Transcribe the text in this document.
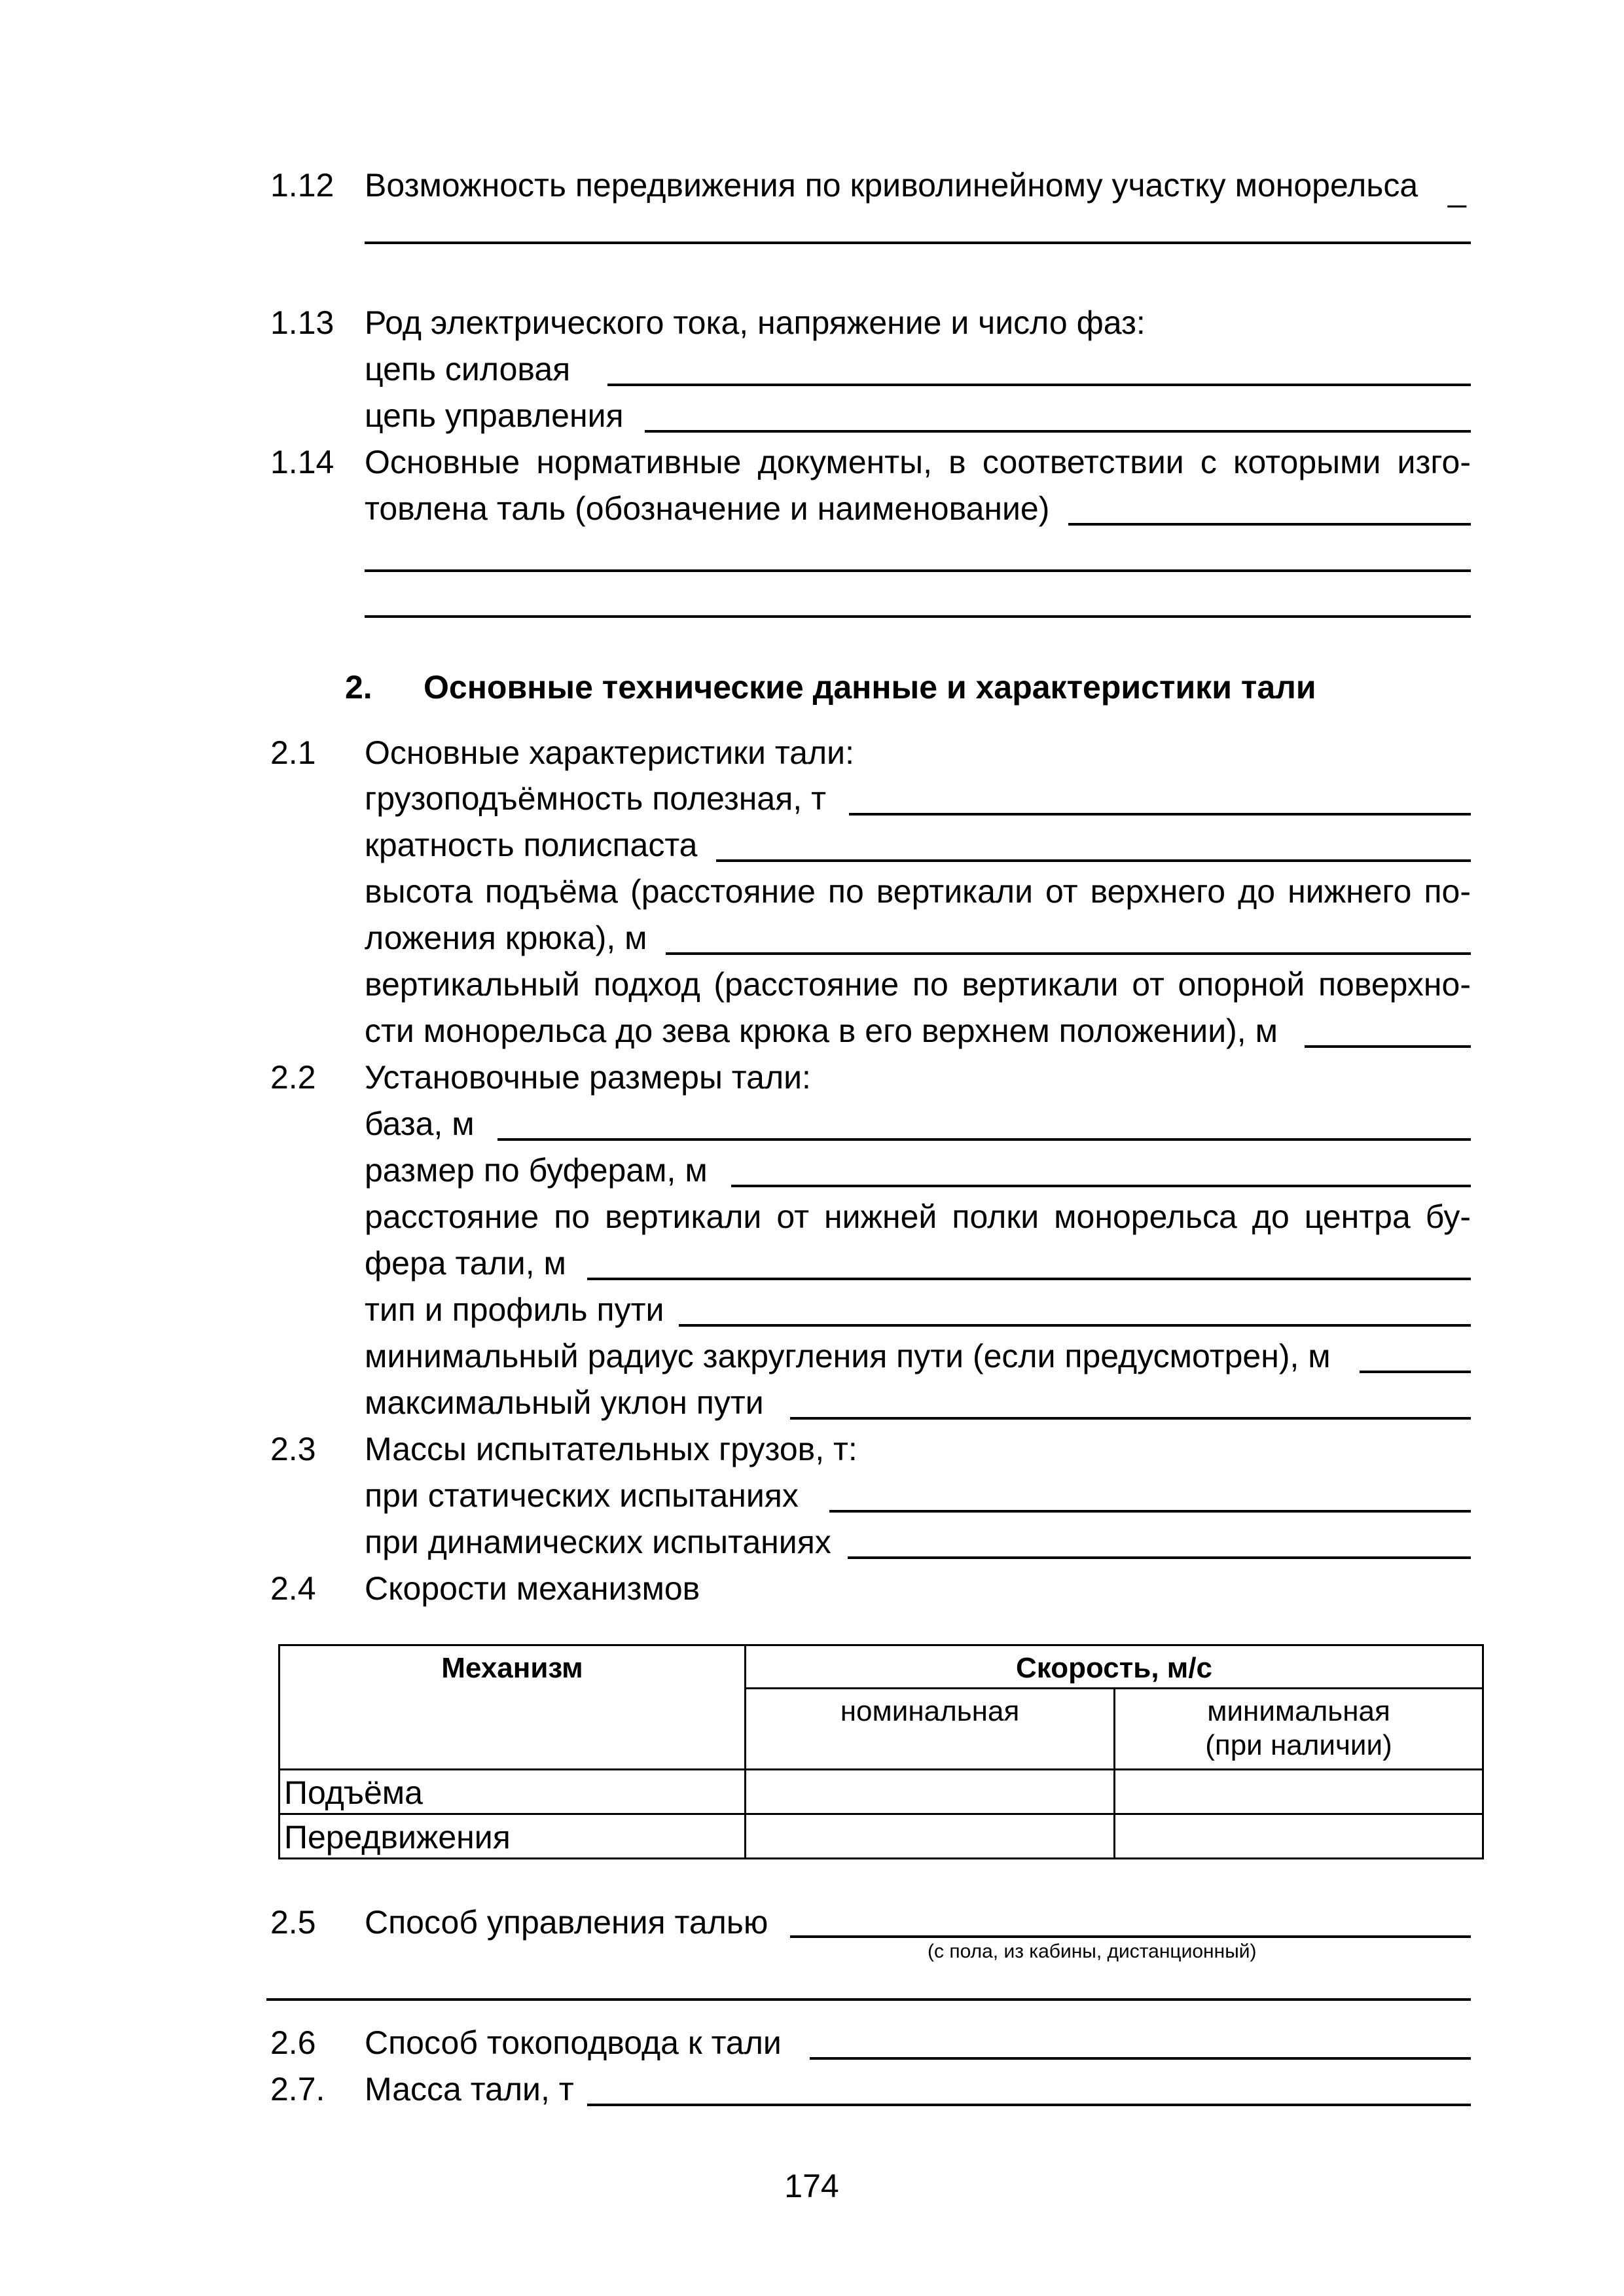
1.12 Возможность передвижения по криволинейному участку монорельса _
1.13 Род электрического тока, напряжение и число фаз:
цепь силовая
цепь управления
1.14 Основные нормативные документы, в соответствии с которыми изго-
товлена таль (обозначение и наименование)
2. Основные технические данные и характеристики тали
2.1 Основные характеристики тали:
грузоподъёмность полезная, т
кратность полиспаста
высота подъёма (расстояние по вертикали от верхнего до нижнего по-
ложения крюка), м
вертикальный подход (расстояние по вертикали от опорной поверхно-
сти монорельса до зева крюка в его верхнем положении), м
2.2 Установочные размеры тали:
база, м
размер по буферам, м
расстояние по вертикали от нижней полки монорельса до центра бу-
фера тали, м
тип и профиль пути
минимальный радиус закругления пути (если предусмотрен), м
максимальный уклон пути
2.3 Массы испытательных грузов, т:
при статических испытаниях
при динамических испытаниях
2.4 Скорости механизмов
Механизм	Скорость, м/с	
	номинальная	минимальная
(при наличии)

Подъёма		
Передвижения		
2.5 Способ управления талью
(с пола, из кабины, дистанционный)
2.6 Способ токоподвода к тали
2.7. Масса тали, т
174
